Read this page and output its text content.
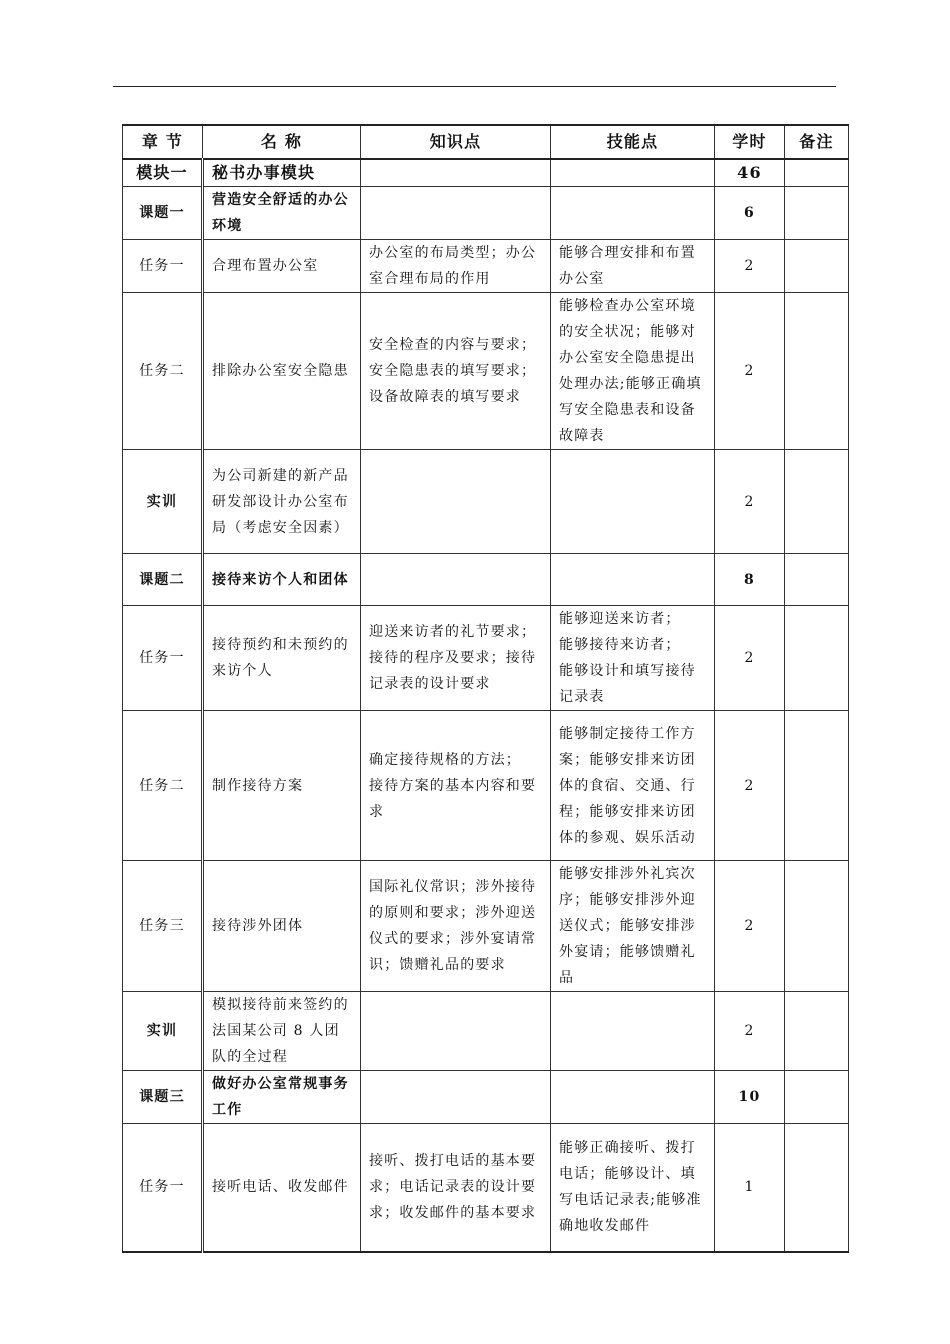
章 节	名 称	知识点	技能点	学时	备注
模块一	秘书办事模块			46	
课题一	营造安全舒适的办公环境			6	
任务一	合理布置办公室	办公室的布局类型；办公室合理布局的作用	能够合理安排和布置办公室	2	
任务二	排除办公室安全隐患	安全检查的内容与要求；
安全隐患表的填写要求；
设备故障表的填写要求	能够检查办公室环境的安全状况；能够对办公室安全隐患提出处理办法;能够正确填写安全隐患表和设备故障表	2	
实训	为公司新建的新产品研发部设计办公室布局（考虑安全因素）			2	
课题二	接待来访个人和团体			8	
任务一	接待预约和未预约的来访个人	迎送来访者的礼节要求；接待的程序及要求；接待记录表的设计要求	能够迎送来访者；
能够接待来访者；
能够设计和填写接待记录表	2	
任务二	制作接待方案	确定接待规格的方法；
接待方案的基本内容和要求	能够制定接待工作方案；能够安排来访团体的食宿、交通、行程；能够安排来访团体的参观、娱乐活动	2	
任务三	接待涉外团体	国际礼仪常识；涉外接待的原则和要求；涉外迎送仪式的要求；涉外宴请常识；馈赠礼品的要求	能够安排涉外礼宾次序；能够安排涉外迎送仪式；能够安排涉外宴请；能够馈赠礼品	2	
实训	模拟接待前来签约的法国某公司 8 人团队的全过程			2	
课题三	做好办公室常规事务工作			10	
任务一	接听电话、收发邮件	接听、拨打电话的基本要求；电话记录表的设计要求；收发邮件的基本要求	能够正确接听、拨打电话；能够设计、填写电话记录表;能够准确地收发邮件	1	
